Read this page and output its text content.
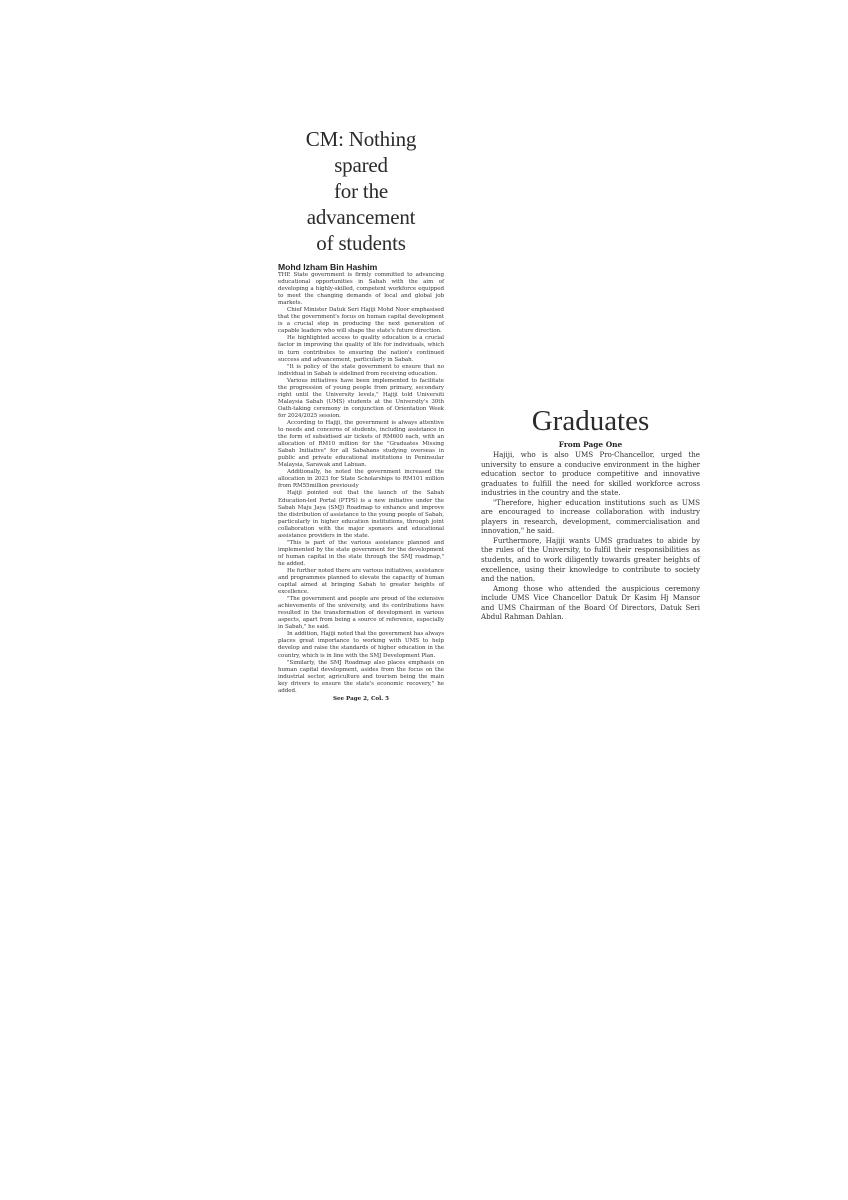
CM: Nothing
spared
for the
advancement
of students

Mohd Izham Bin Hashim

THE State government is firmly committed to advancing educational opportunities in Sabah with the aim of developing a highly-skilled, competent workforce equipped to meet the changing demands of local and global job markets.

Chief Minister Datuk Seri Hajiji Mohd Noor emphasised that the government's focus on human capital development is a crucial step in producing the next generation of capable leaders who will shape the state's future direction.

He highlighted access to quality education is a crucial factor in improving the quality of life for individuals, which in turn contributes to ensuring the nation's continued success and advancement, particularly in Sabah.

"It is policy of the state government to ensure that no individual in Sabah is sidelined from receiving education.

Various initiatives have been implemented to facilitate the progression of young people from primary, secondary right until the University levels," Hajiji told Universiti Malaysia Sabah (UMS) students at the University's 30th Oath-taking ceremony in conjunction of Orientation Week for 2024/2025 session.

According to Hajiji, the government is always attentive to needs and concerns of students, including assistance in the form of subsidised air tickets of RM600 each, with an allocation of RM10 million for the "Graduates Missing Sabah Initiative" for all Sabahans studying overseas in public and private educational institutions in Peninsular Malaysia, Sarawak and Labuan.

Additionally, he noted the government increased the allocation in 2023 for State Scholarships to RM101 million from RM55million previously

Hajiji pointed out that the launch of the Sabah Education-led Portal (PTPS) is a new initiative under the Sabah Maju Jaya (SMJ) Roadmap to enhance and improve the distribution of assistance to the young people of Sabah, particularly in higher education institutions, through joint collaboration with the major sponsors and educational assistance providers in the state.

"This is part of the various assistance planned and implemented by the state government for the development of human capital in the state through the SMJ roadmap," he added.

He further noted there are various initiatives, assistance and programmes planned to elevate the capacity of human capital aimed at bringing Sabah to greater heights of excellence.

"The government and people are proud of the extensive achievements of the university, and its contributions have resulted in the transformation of development in various aspects, apart from being a source of reference, especially in Sabah," he said.

In addition, Hajiji noted that the government has always places great importance to working with UMS to help develop and raise the standards of higher education in the country, which is in line with the SMJ Development Plan.

"Similarly, the SMJ Roadmap also places emphasis on human capital development, asides from the focus on the industrial sector, agriculture and tourism being the main key drivers to ensure the state's economic recovery," he added.

See Page 2, Col. 5

Graduates

From Page One

Hajiji, who is also UMS Pro-Chancellor, urged the university to ensure a conducive environment in the higher education sector to produce competitive and innovative graduates to fulfill the need for skilled workforce across industries in the country and the state.

"Therefore, higher education institutions such as UMS are encouraged to increase collaboration with industry players in research, development, commercialisation and innovation," he said.

Furthermore, Hajiji wants UMS graduates to abide by the rules of the University, to fulfil their responsibilities as students, and to work diligently towards greater heights of excellence, using their knowledge to contribute to society and the nation.

Among those who attended the auspicious ceremony include UMS Vice Chancellor Datuk Dr Kasim Hj Mansor and UMS Chairman of the Board Of Directors, Datuk Seri Abdul Rahman Dahlan.
